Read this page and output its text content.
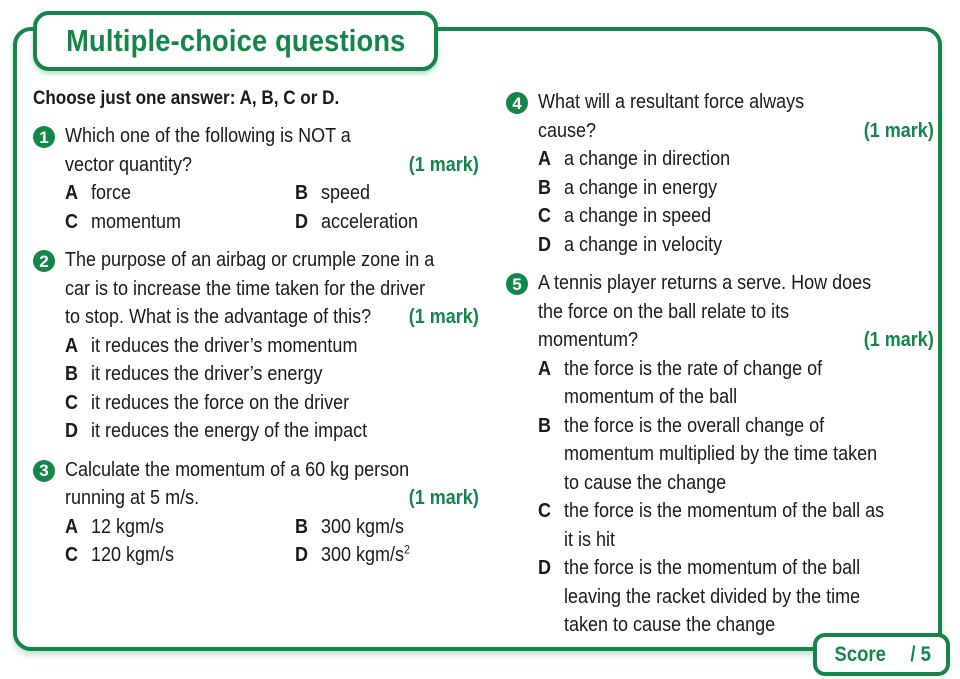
Multiple-choice questions
Choose just one answer: A, B, C or D.
1 Which one of the following is NOT a
vector quantity?	(1 mark)
A force	B speed
C momentum	D acceleration
2 The purpose of an airbag or crumple zone in a
car is to increase the time taken for the driver
to stop. What is the advantage of this? (1 mark)
A it reduces the driver’s momentum
B it reduces the driver’s energy
C it reduces the force on the driver
D it reduces the energy of the impact
3 Calculate the momentum of a 60 kg person
running at 5 m/s.	(1 mark)
A 12 kgm/s	B 300 kgm/s
C 120 kgm/s	D 300 kgm/$s^2$
4 What will a resultant force always
cause?	(1 mark)
A a change in direction
B a change in energy
C a change in speed
D a change in velocity
5 A tennis player returns a serve. How does
the force on the ball relate to its
momentum?	(1 mark)
A the force is the rate of change of
momentum of the ball
B the force is the overall change of
momentum multiplied by the time taken
to cause the change
C the force is the momentum of the ball as
it is hit
D the force is the momentum of the ball
leaving the racket divided by the time
taken to cause the change
Score / 5
